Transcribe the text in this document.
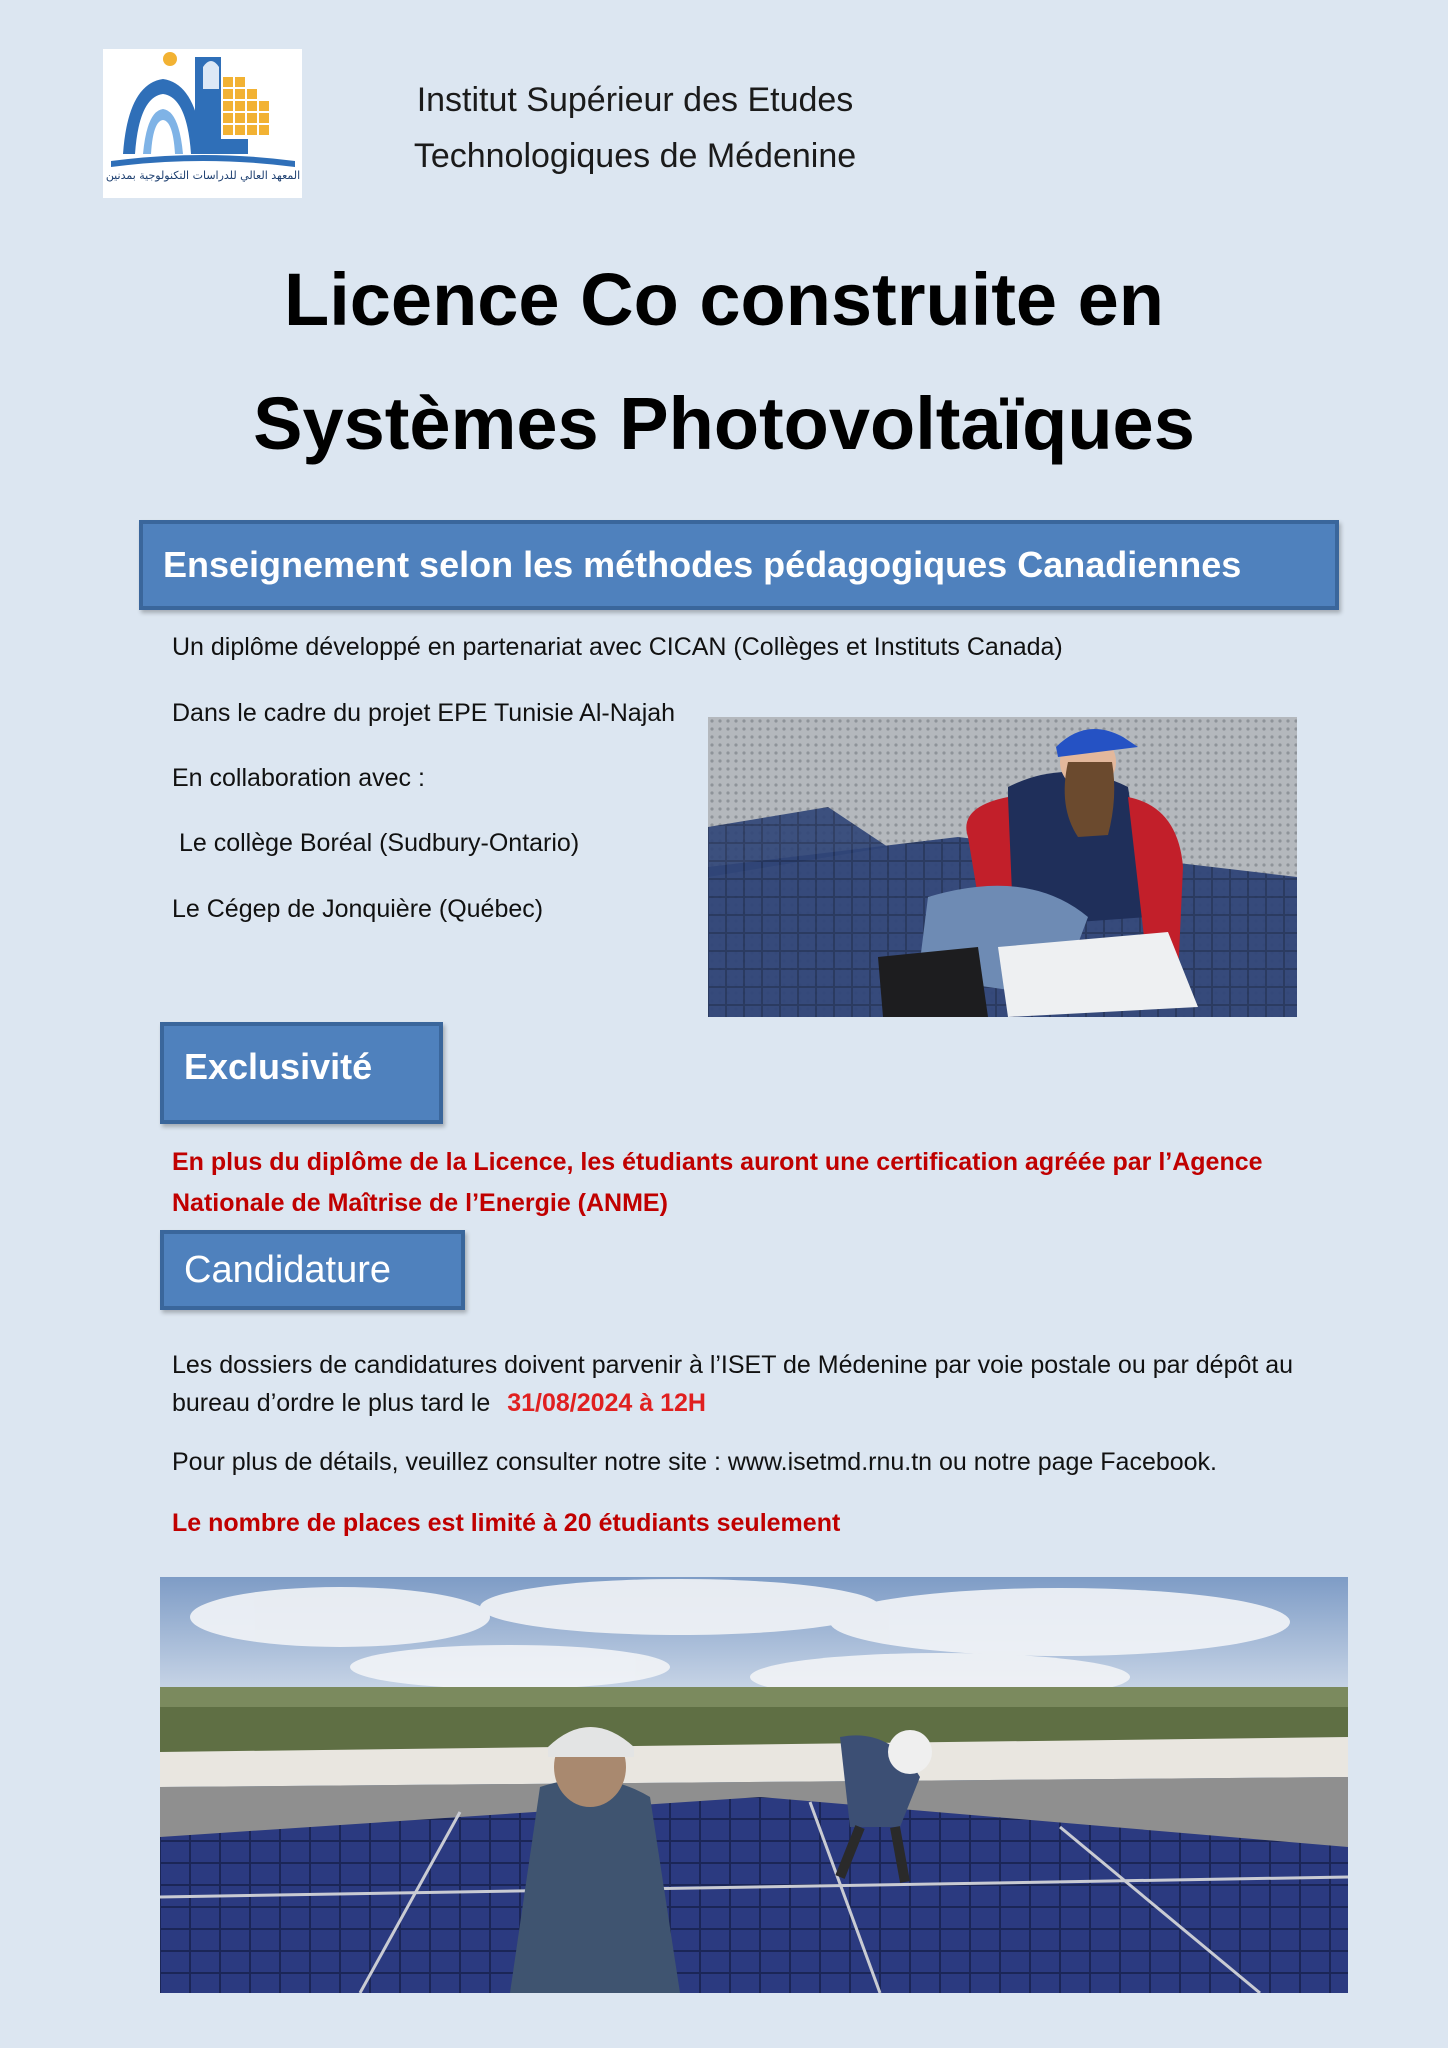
المعهد العالي للدراسات التكنولوجية بمدنين
Institut Supérieur des Etudes
Technologiques de Médenine
Licence Co construite en
Systèmes Photovoltaïques
Enseignement selon les méthodes pédagogiques Canadiennes
Un diplôme développé en partenariat avec CICAN (Collèges et Instituts Canada)
Dans le cadre du projet EPE Tunisie Al-Najah
En collaboration avec :
Le collège Boréal (Sudbury-Ontario)
Le Cégep de Jonquière (Québec)
Exclusivité
En plus du diplôme de la Licence, les étudiants auront une certification agréée par l’Agence
Nationale de Maîtrise de l’Energie (ANME)
Candidature
Les dossiers de candidatures doivent parvenir à l’ISET de Médenine par voie postale ou par dépôt au
bureau d’ordre le plus tard le 31/08/2024 à 12H
Pour plus de détails, veuillez consulter notre site : www.isetmd.rnu.tn ou notre page Facebook.
Le nombre de places est limité à 20 étudiants seulement
